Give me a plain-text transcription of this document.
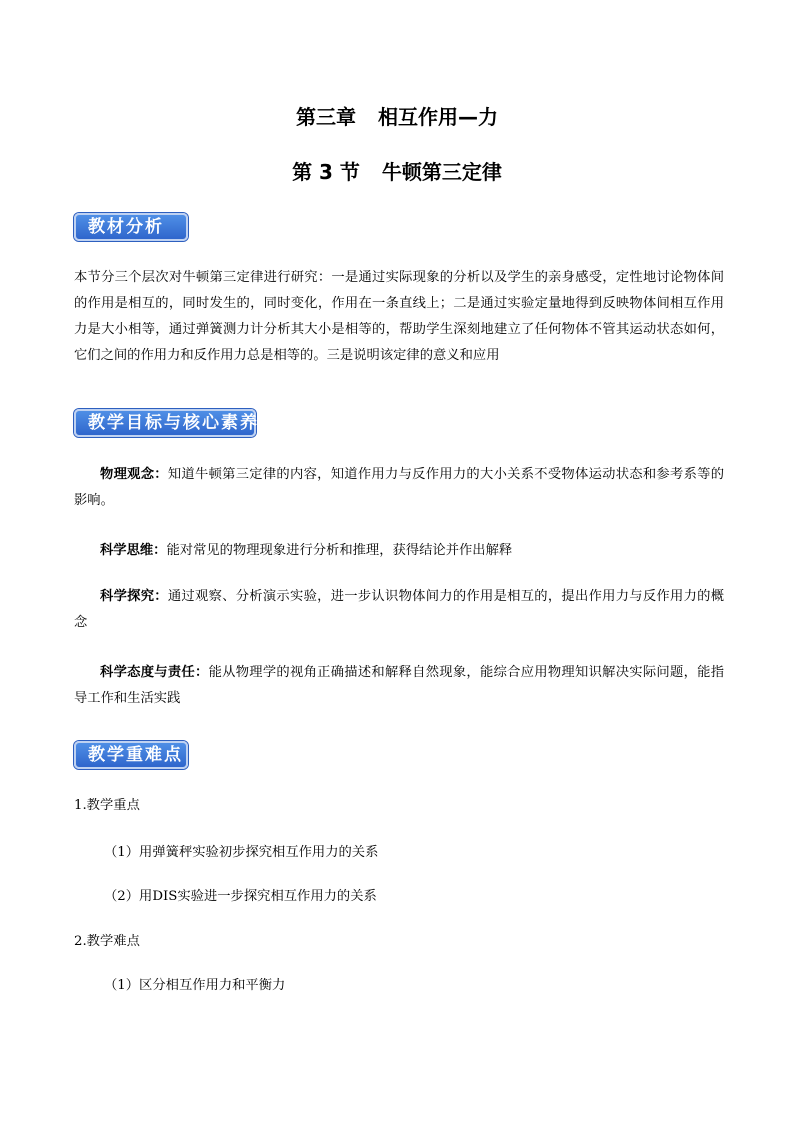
第三章 相互作用—力
第 3 节 牛顿第三定律
教材分析
本节分三个层次对牛顿第三定律进行研究：一是通过实际现象的分析以及学生的亲身感受，定性地讨论物体间的作用是相互的，同时发生的，同时变化，作用在一条直线上；二是通过实验定量地得到反映物体间相互作用力是大小相等，通过弹簧测力计分析其大小是相等的，帮助学生深刻地建立了任何物体不管其运动状态如何，它们之间的作用力和反作用力总是相等的。三是说明该定律的意义和应用
教学目标与核心素养
物理观念：知道牛顿第三定律的内容，知道作用力与反作用力的大小关系不受物体运动状态和参考系等的影响。
科学思维：能对常见的物理现象进行分析和推理，获得结论并作出解释
科学探究：通过观察、分析演示实验，进一步认识物体间力的作用是相互的，提出作用力与反作用力的概念
科学态度与责任：能从物理学的视角正确描述和解释自然现象，能综合应用物理知识解决实际问题，能指导工作和生活实践
教学重难点
1.教学重点
（1）用弹簧秤实验初步探究相互作用力的关系
（2）用DIS实验进一步探究相互作用力的关系
2.教学难点
（1）区分相互作用力和平衡力
